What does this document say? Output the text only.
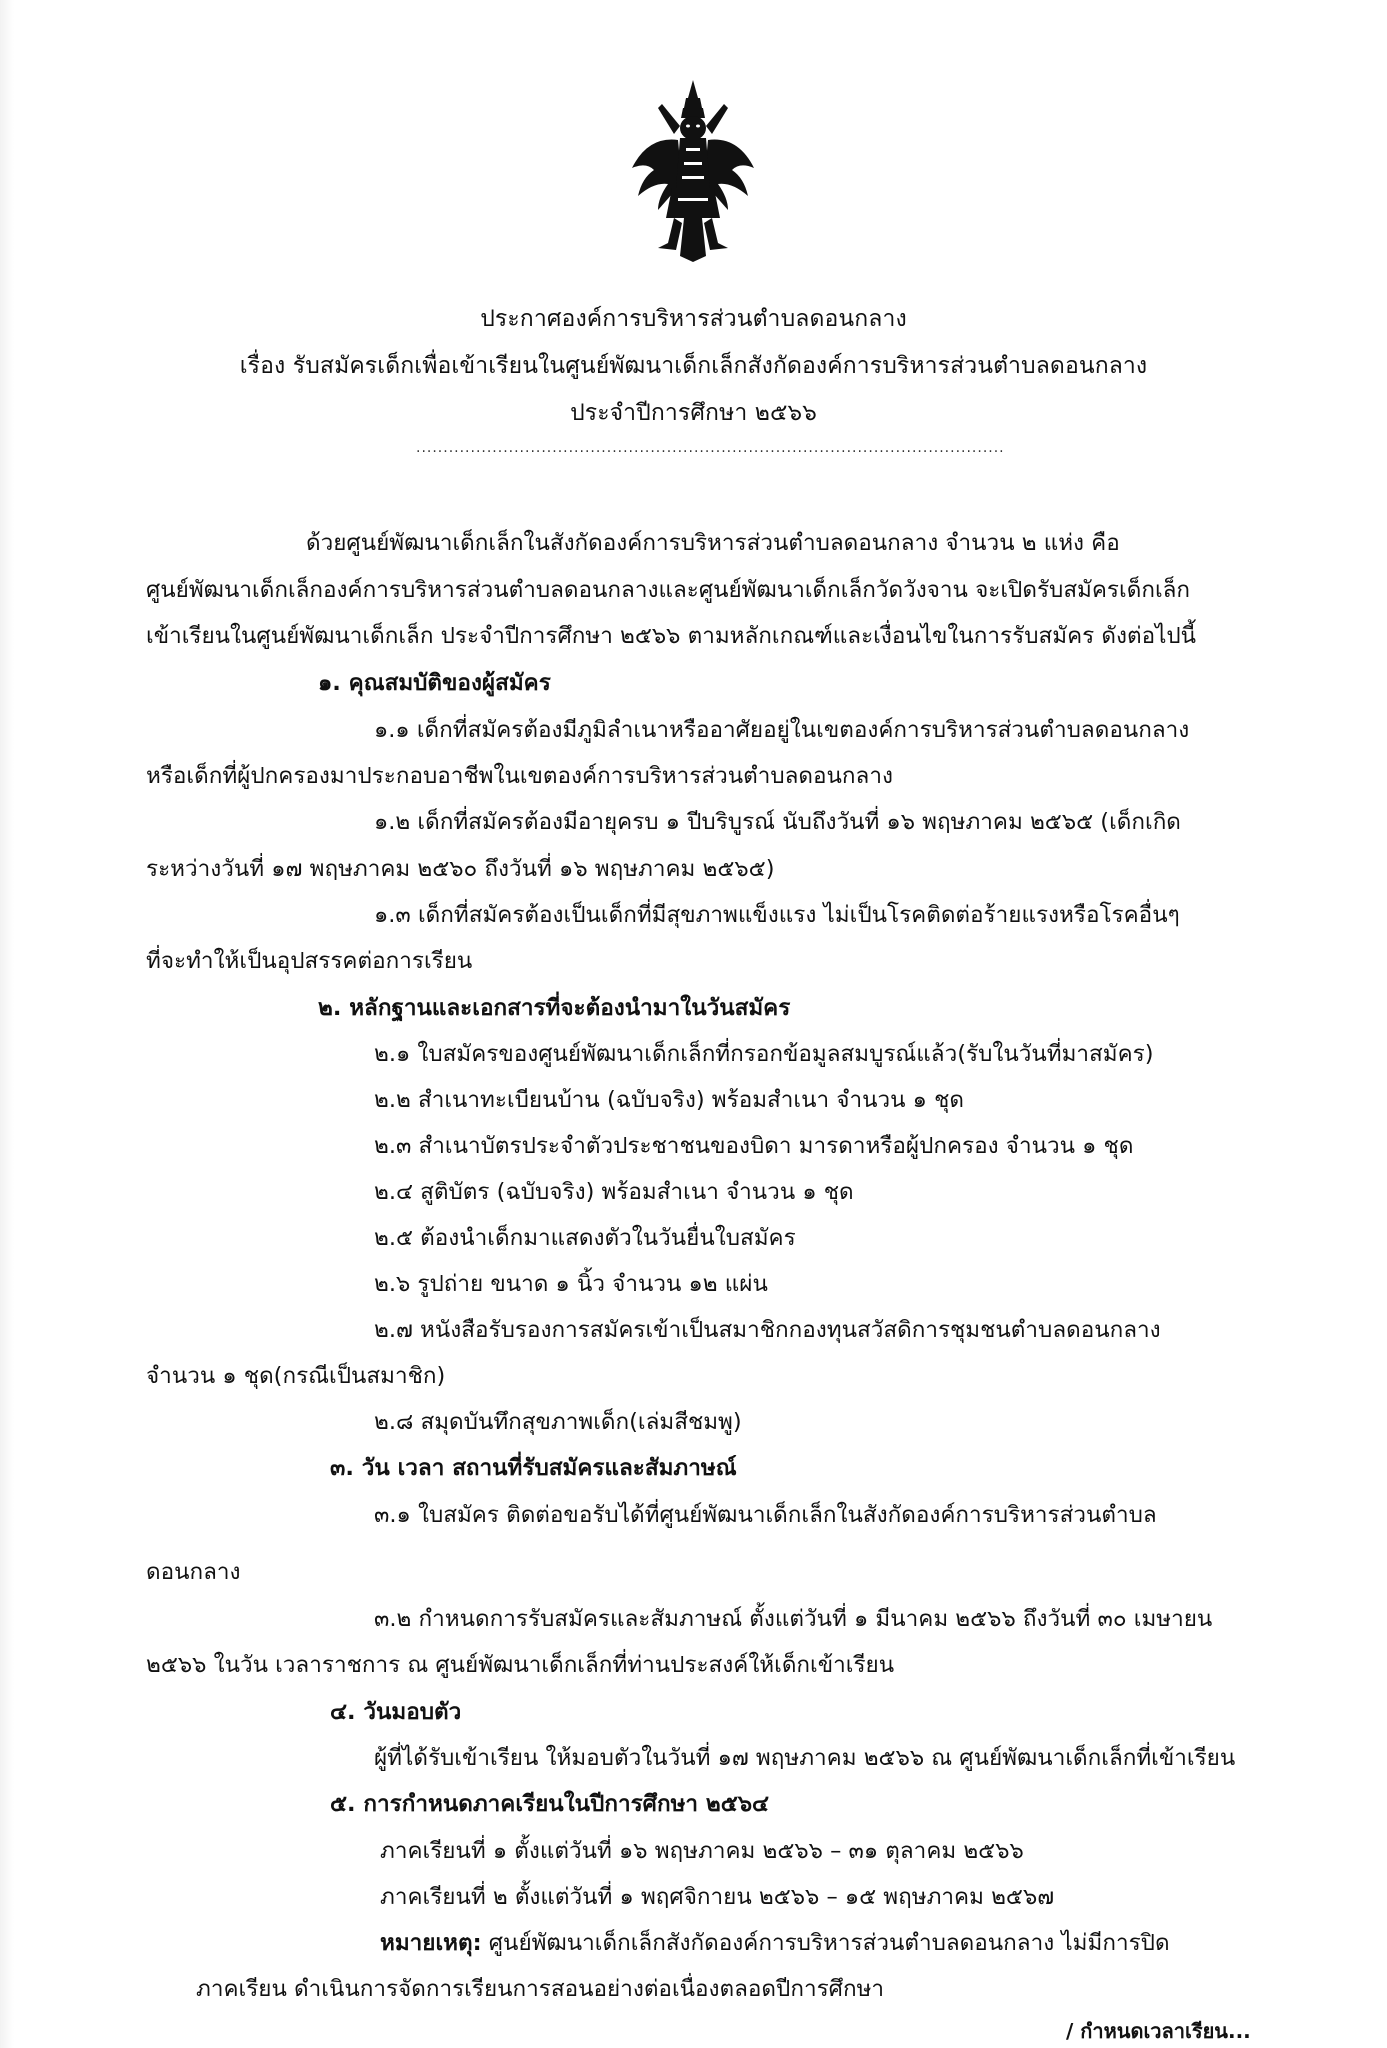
ประกาศองค์การบริหารส่วนตำบลดอนกลาง
เรื่อง รับสมัครเด็กเพื่อเข้าเรียนในศูนย์พัฒนาเด็กเล็กสังกัดองค์การบริหารส่วนตำบลดอนกลาง
ประจำปีการศึกษา ๒๕๖๖
............................................................................................................
ด้วยศูนย์พัฒนาเด็กเล็กในสังกัดองค์การบริหารส่วนตำบลดอนกลาง จำนวน ๒ แห่ง คือ
ศูนย์พัฒนาเด็กเล็กองค์การบริหารส่วนตำบลดอนกลางและศูนย์พัฒนาเด็กเล็กวัดวังจาน จะเปิดรับสมัครเด็กเล็ก
เข้าเรียนในศูนย์พัฒนาเด็กเล็ก ประจำปีการศึกษา ๒๕๖๖ ตามหลักเกณฑ์และเงื่อนไขในการรับสมัคร ดังต่อไปนี้
๑. คุณสมบัติของผู้สมัคร
๑.๑ เด็กที่สมัครต้องมีภูมิลำเนาหรืออาศัยอยู่ในเขตองค์การบริหารส่วนตำบลดอนกลาง
หรือเด็กที่ผู้ปกครองมาประกอบอาชีพในเขตองค์การบริหารส่วนตำบลดอนกลาง
๑.๒ เด็กที่สมัครต้องมีอายุครบ ๑ ปีบริบูรณ์ นับถึงวันที่ ๑๖ พฤษภาคม ๒๕๖๕ (เด็กเกิด
ระหว่างวันที่ ๑๗ พฤษภาคม ๒๕๖๐ ถึงวันที่ ๑๖ พฤษภาคม ๒๕๖๕)
๑.๓ เด็กที่สมัครต้องเป็นเด็กที่มีสุขภาพแข็งแรง ไม่เป็นโรคติดต่อร้ายแรงหรือโรคอื่นๆ
ที่จะทำให้เป็นอุปสรรคต่อการเรียน
๒. หลักฐานและเอกสารที่จะต้องนำมาในวันสมัคร
๒.๑ ใบสมัครของศูนย์พัฒนาเด็กเล็กที่กรอกข้อมูลสมบูรณ์แล้ว(รับในวันที่มาสมัคร)
๒.๒ สำเนาทะเบียนบ้าน (ฉบับจริง) พร้อมสำเนา จำนวน ๑ ชุด
๒.๓ สำเนาบัตรประจำตัวประชาชนของบิดา มารดาหรือผู้ปกครอง จำนวน ๑ ชุด
๒.๔ สูติบัตร (ฉบับจริง) พร้อมสำเนา จำนวน ๑ ชุด
๒.๕ ต้องนำเด็กมาแสดงตัวในวันยื่นใบสมัคร
๒.๖ รูปถ่าย ขนาด ๑ นิ้ว จำนวน ๑๒ แผ่น
๒.๗ หนังสือรับรองการสมัครเข้าเป็นสมาชิกกองทุนสวัสดิการชุมชนตำบลดอนกลาง
จำนวน ๑ ชุด(กรณีเป็นสมาชิก)
๒.๘ สมุดบันทึกสุขภาพเด็ก(เล่มสีชมพู)
๓. วัน เวลา สถานที่รับสมัครและสัมภาษณ์
๓.๑ ใบสมัคร ติดต่อขอรับได้ที่ศูนย์พัฒนาเด็กเล็กในสังกัดองค์การบริหารส่วนตำบล
ดอนกลาง
๓.๒ กำหนดการรับสมัครและสัมภาษณ์ ตั้งแต่วันที่ ๑ มีนาคม ๒๕๖๖ ถึงวันที่ ๓๐ เมษายน
๒๕๖๖ ในวัน เวลาราชการ ณ ศูนย์พัฒนาเด็กเล็กที่ท่านประสงค์ให้เด็กเข้าเรียน
๔. วันมอบตัว
ผู้ที่ได้รับเข้าเรียน ให้มอบตัวในวันที่ ๑๗ พฤษภาคม ๒๕๖๖ ณ ศูนย์พัฒนาเด็กเล็กที่เข้าเรียน
๕. การกำหนดภาคเรียนในปีการศึกษา ๒๕๖๔
ภาคเรียนที่ ๑ ตั้งแต่วันที่ ๑๖ พฤษภาคม ๒๕๖๖ – ๓๑ ตุลาคม ๒๕๖๖
ภาคเรียนที่ ๒ ตั้งแต่วันที่ ๑ พฤศจิกายน ๒๕๖๖ – ๑๕ พฤษภาคม ๒๕๖๗
หมายเหตุ: ศูนย์พัฒนาเด็กเล็กสังกัดองค์การบริหารส่วนตำบลดอนกลาง ไม่มีการปิด
ภาคเรียน ดำเนินการจัดการเรียนการสอนอย่างต่อเนื่องตลอดปีการศึกษา
/ กำหนดเวลาเรียน...
